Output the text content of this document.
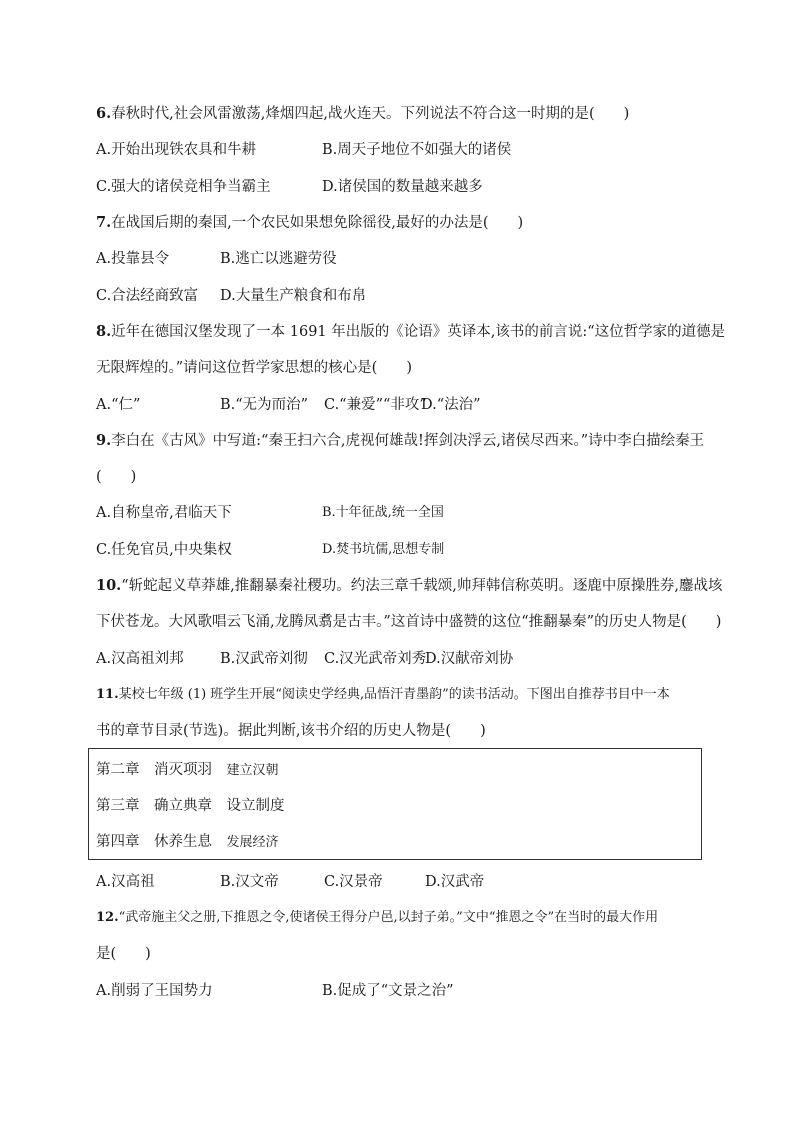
6.春秋时代,社会风雷激荡,烽烟四起,战火连天。下列说法不符合这一时期的是(　　)
A.开始出现铁农具和牛耕	B.周天子地位不如强大的诸侯
C.强大的诸侯竞相争当霸主	D.诸侯国的数量越来越多
7.在战国后期的秦国,一个农民如果想免除徭役,最好的办法是(　　)
A.投靠县令	B.逃亡以逃避劳役
C.合法经商致富 D.大量生产粮食和布帛
8.近年在德国汉堡发现了一本 1691 年出版的《论语》英译本,该书的前言说:“这位哲学家的道德是
无限辉煌的。”请问这位哲学家思想的核心是(　　)
A.“仁”	B.“无为而治” C.“兼爱”“非攻”
D.“法治”
9.李白在《古风》中写道:“秦王扫六合,虎视何雄哉!挥剑决浮云,诸侯尽西来。”诗中李白描绘秦王
(　　)
A.自称皇帝,君临天下	B.十年征战,统一全国
C.任免官员,中央集权	D.焚书坑儒,思想专制
10.“斩蛇起义草莽雄,推翻暴秦社稷功。约法三章千载颂,帅拜韩信称英明。逐鹿中原操胜券,鏖战垓
下伏苍龙。大风歌唱云飞涌,龙腾凤翥是古丰。”这首诗中盛赞的这位“推翻暴秦”的历史人物是(　　)
A.汉高祖刘邦	B.汉武帝刘彻 C.汉光武帝刘秀
D.汉献帝刘协
11.某校七年级 (1) 班学生开展“阅读史学经典,品悟汗青墨韵”的读书活动。下图出自推荐书目中一本
书的章节目录(节选)。据此判断,该书介绍的历史人物是(　　)
第二章　 消灭项羽　 建立汉朝
第三章　 确立典章　 设立制度
第四章　 休养生息　 发展经济
A.汉高祖	B.汉文帝	C.汉景帝	D.汉武帝
12.“武帝施主父之册,下推恩之令,使诸侯王得分户邑,以封子弟。”文中“推恩之令”在当时的最大作用
是(　　)
A.削弱了王国势力	B.促成了“文景之治”
